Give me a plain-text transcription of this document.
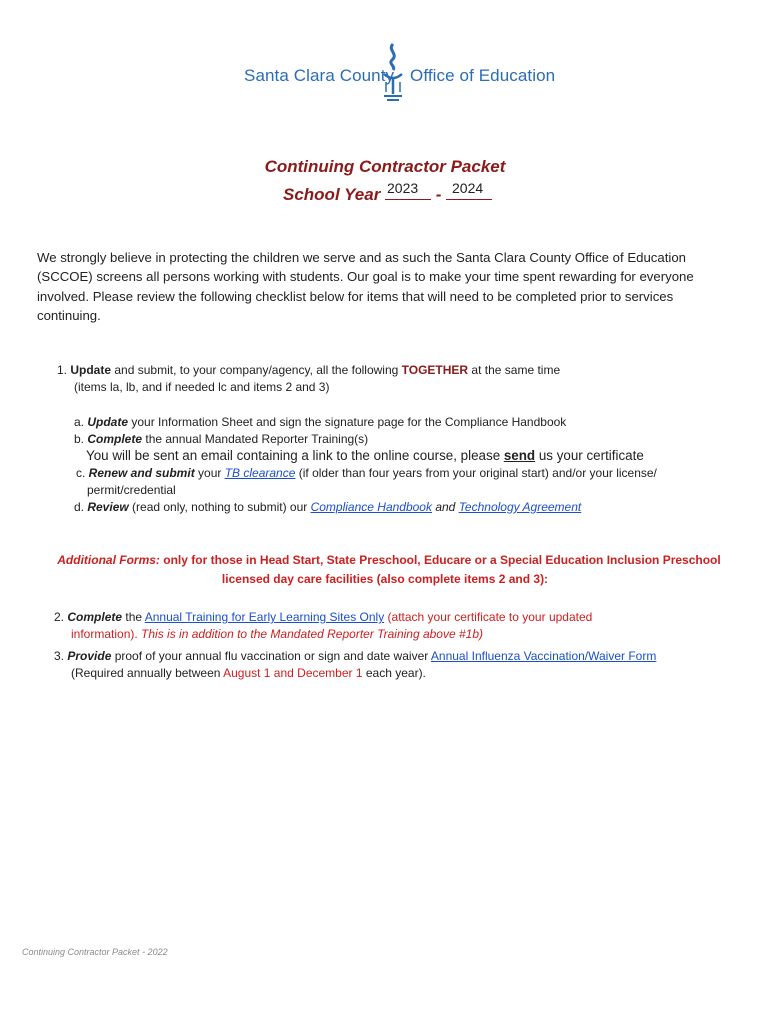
Santa Clara County Office of Education
Continuing Contractor Packet
School Year	-
2023 2024
We strongly believe in protecting the children we serve and as such the Santa Clara County Office of Education (SCCOE) screens all persons working with students. Our goal is to make your time spent rewarding for everyone involved. Please review the following checklist below for items that will need to be completed prior to services continuing.
1. Update and submit, to your company/agency, all the following TOGETHER at the same time
(items la, lb, and if needed lc and items 2 and 3)
a. Update your Information Sheet and sign the signature page for the Compliance Handbook
b. Complete the annual Mandated Reporter Training(s)
You will be sent an email containing a link to the online course, please send us your certificate
c. Renew and submit your TB clearance (if older than four years from your original start) and/or your license/
permit/credential
d. Review (read only, nothing to submit) our Compliance Handbook and Technology Agreement
Additional Forms: only for those in Head Start, State Preschool, Educare or a Special Education Inclusion Preschool
licensed day care facilities (also complete items 2 and 3):
2. Complete the Annual Training for Early Learning Sites Only (attach your certificate to your updated
information). This is in addition to the Mandated Reporter Training above #1b)
3. Provide proof of your annual flu vaccination or sign and date waiver Annual Influenza Vaccination/Waiver Form
(Required annually between August 1 and December 1 each year).
Continuing Contractor Packet - 2022
